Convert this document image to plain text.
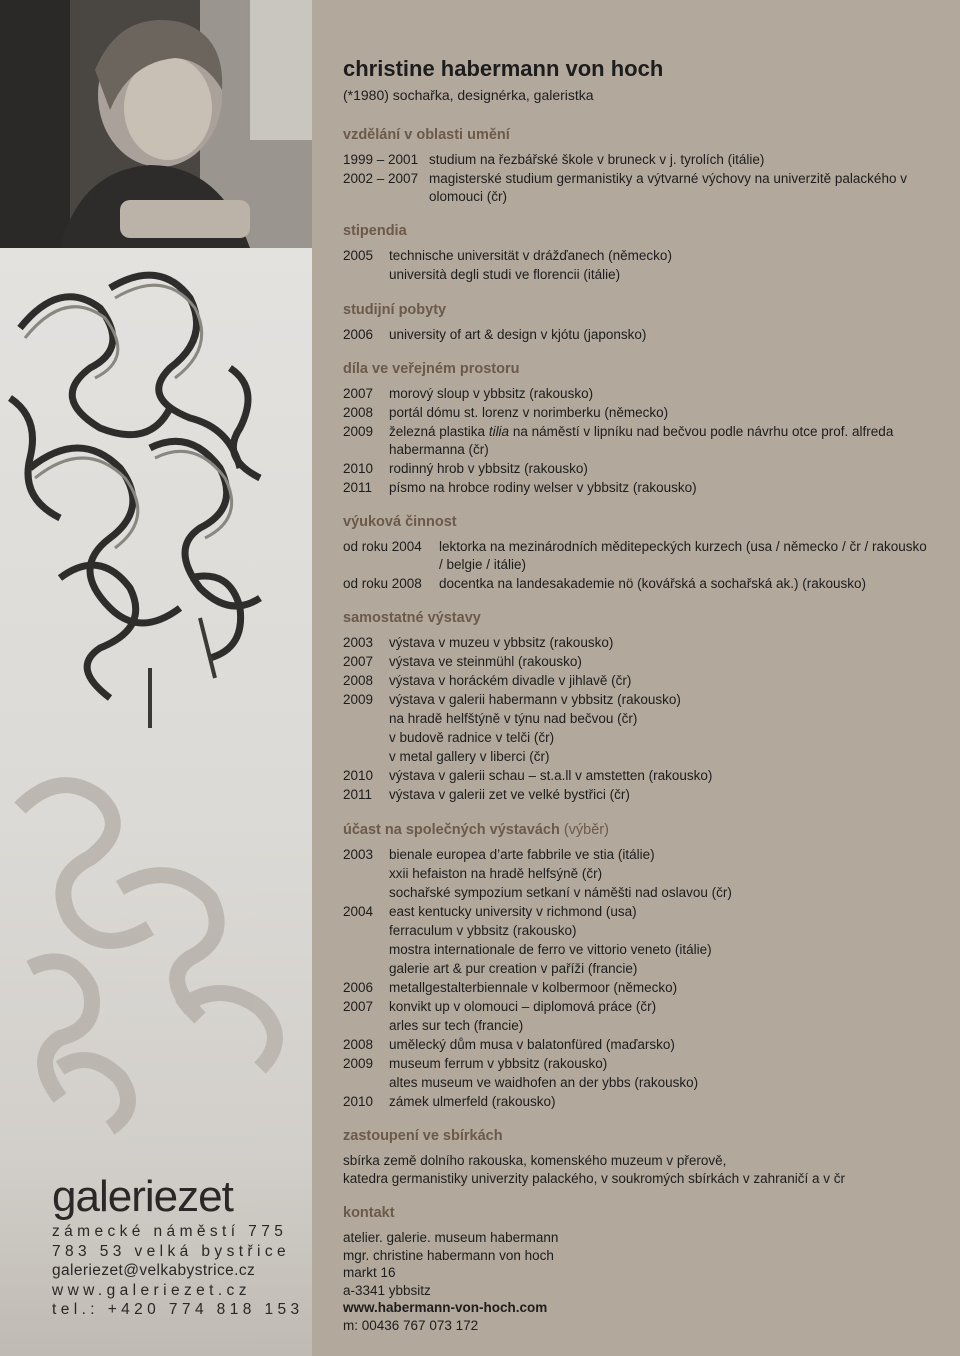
galeriezet
zámecké náměstí 775
783 53 velká bystřice
galeriezet@velkabystrice.cz
www.galeriezet.cz
tel.: +420 774 818 153
christine habermann von hoch

(*1980) sochařka, designérka, galeristka

vzdělání v oblasti umění
1999 – 2001 studium na řezbářské škole v bruneck v j. tyrolích (itálie)
2002 – 2007 magisterské studium germanistiky a výtvarné výchovy na univerzitě palackého v olomouci (čr)
stipendia
2005	technische universität v drážďanech (německo)
università degli studi ve florencii (itálie)
studijní pobyty
2006	university of art & design v kjótu (japonsko)
díla ve veřejném prostoru
2007	morový sloup v ybbsitz (rakousko)
2008	portál dómu st. lorenz v norimberku (německo)
2009	železná plastika tilia na náměstí v lipníku nad bečvou podle návrhu otce prof. alfreda habermanna (čr)
2010	rodinný hrob v ybbsitz (rakousko)
2011	písmo na hrobce rodiny welser v ybbsitz (rakousko)
výuková činnost
od roku 2004	lektorka na mezinárodních měditepeckých kurzech (usa / německo / čr / rakousko / belgie / itálie)
od roku 2008	docentka na landesakademie nö (kovářská a sochařská ak.) (rakousko)
samostatné výstavy
2003	výstava v muzeu v ybbsitz (rakousko)
2007	výstava ve steinmühl (rakousko)
2008	výstava v horáckém divadle v jihlavě (čr)
2009	výstava v galerii habermann v ybbsitz (rakousko)
na hradě helfštýně v týnu nad bečvou (čr)
v budově radnice v telči (čr)
v metal gallery v liberci (čr)
2010	výstava v galerii schau – st.a.ll v amstetten (rakousko)
2011	výstava v galerii zet ve velké bystřici (čr)
účast na společných výstavách (výběr)
2003	bienale europea d’arte fabbrile ve stia (itálie)
xxii hefaiston na hradě helfsýně (čr)
sochařské sympozium setkaní v náměšti nad oslavou (čr)
2004	east kentucky university v richmond (usa)
ferraculum v ybbsitz (rakousko)
mostra internationale de ferro ve vittorio veneto (itálie)
galerie art & pur creation v paříži (francie)
2006	metallgestalterbiennale v kolbermoor (německo)
2007	konvikt up v olomouci – diplomová práce (čr)
arles sur tech (francie)
2008	umělecký dům musa v balatonfüred (maďarsko)
2009	museum ferrum v ybbsitz (rakousko)
altes museum ve waidhofen an der ybbs (rakousko)
2010	zámek ulmerfeld (rakousko)
zastoupení ve sbírkách
sbírka země dolního rakouska, komenského muzeum v přerově,
katedra germanistiky univerzity palackého, v soukromých sbírkách v zahraničí a v čr
kontakt
atelier. galerie. museum habermann
mgr. christine habermann von hoch
markt 16
a-3341 ybbsitz
www.habermann-von-hoch.com
m: 00436 767 073 172
